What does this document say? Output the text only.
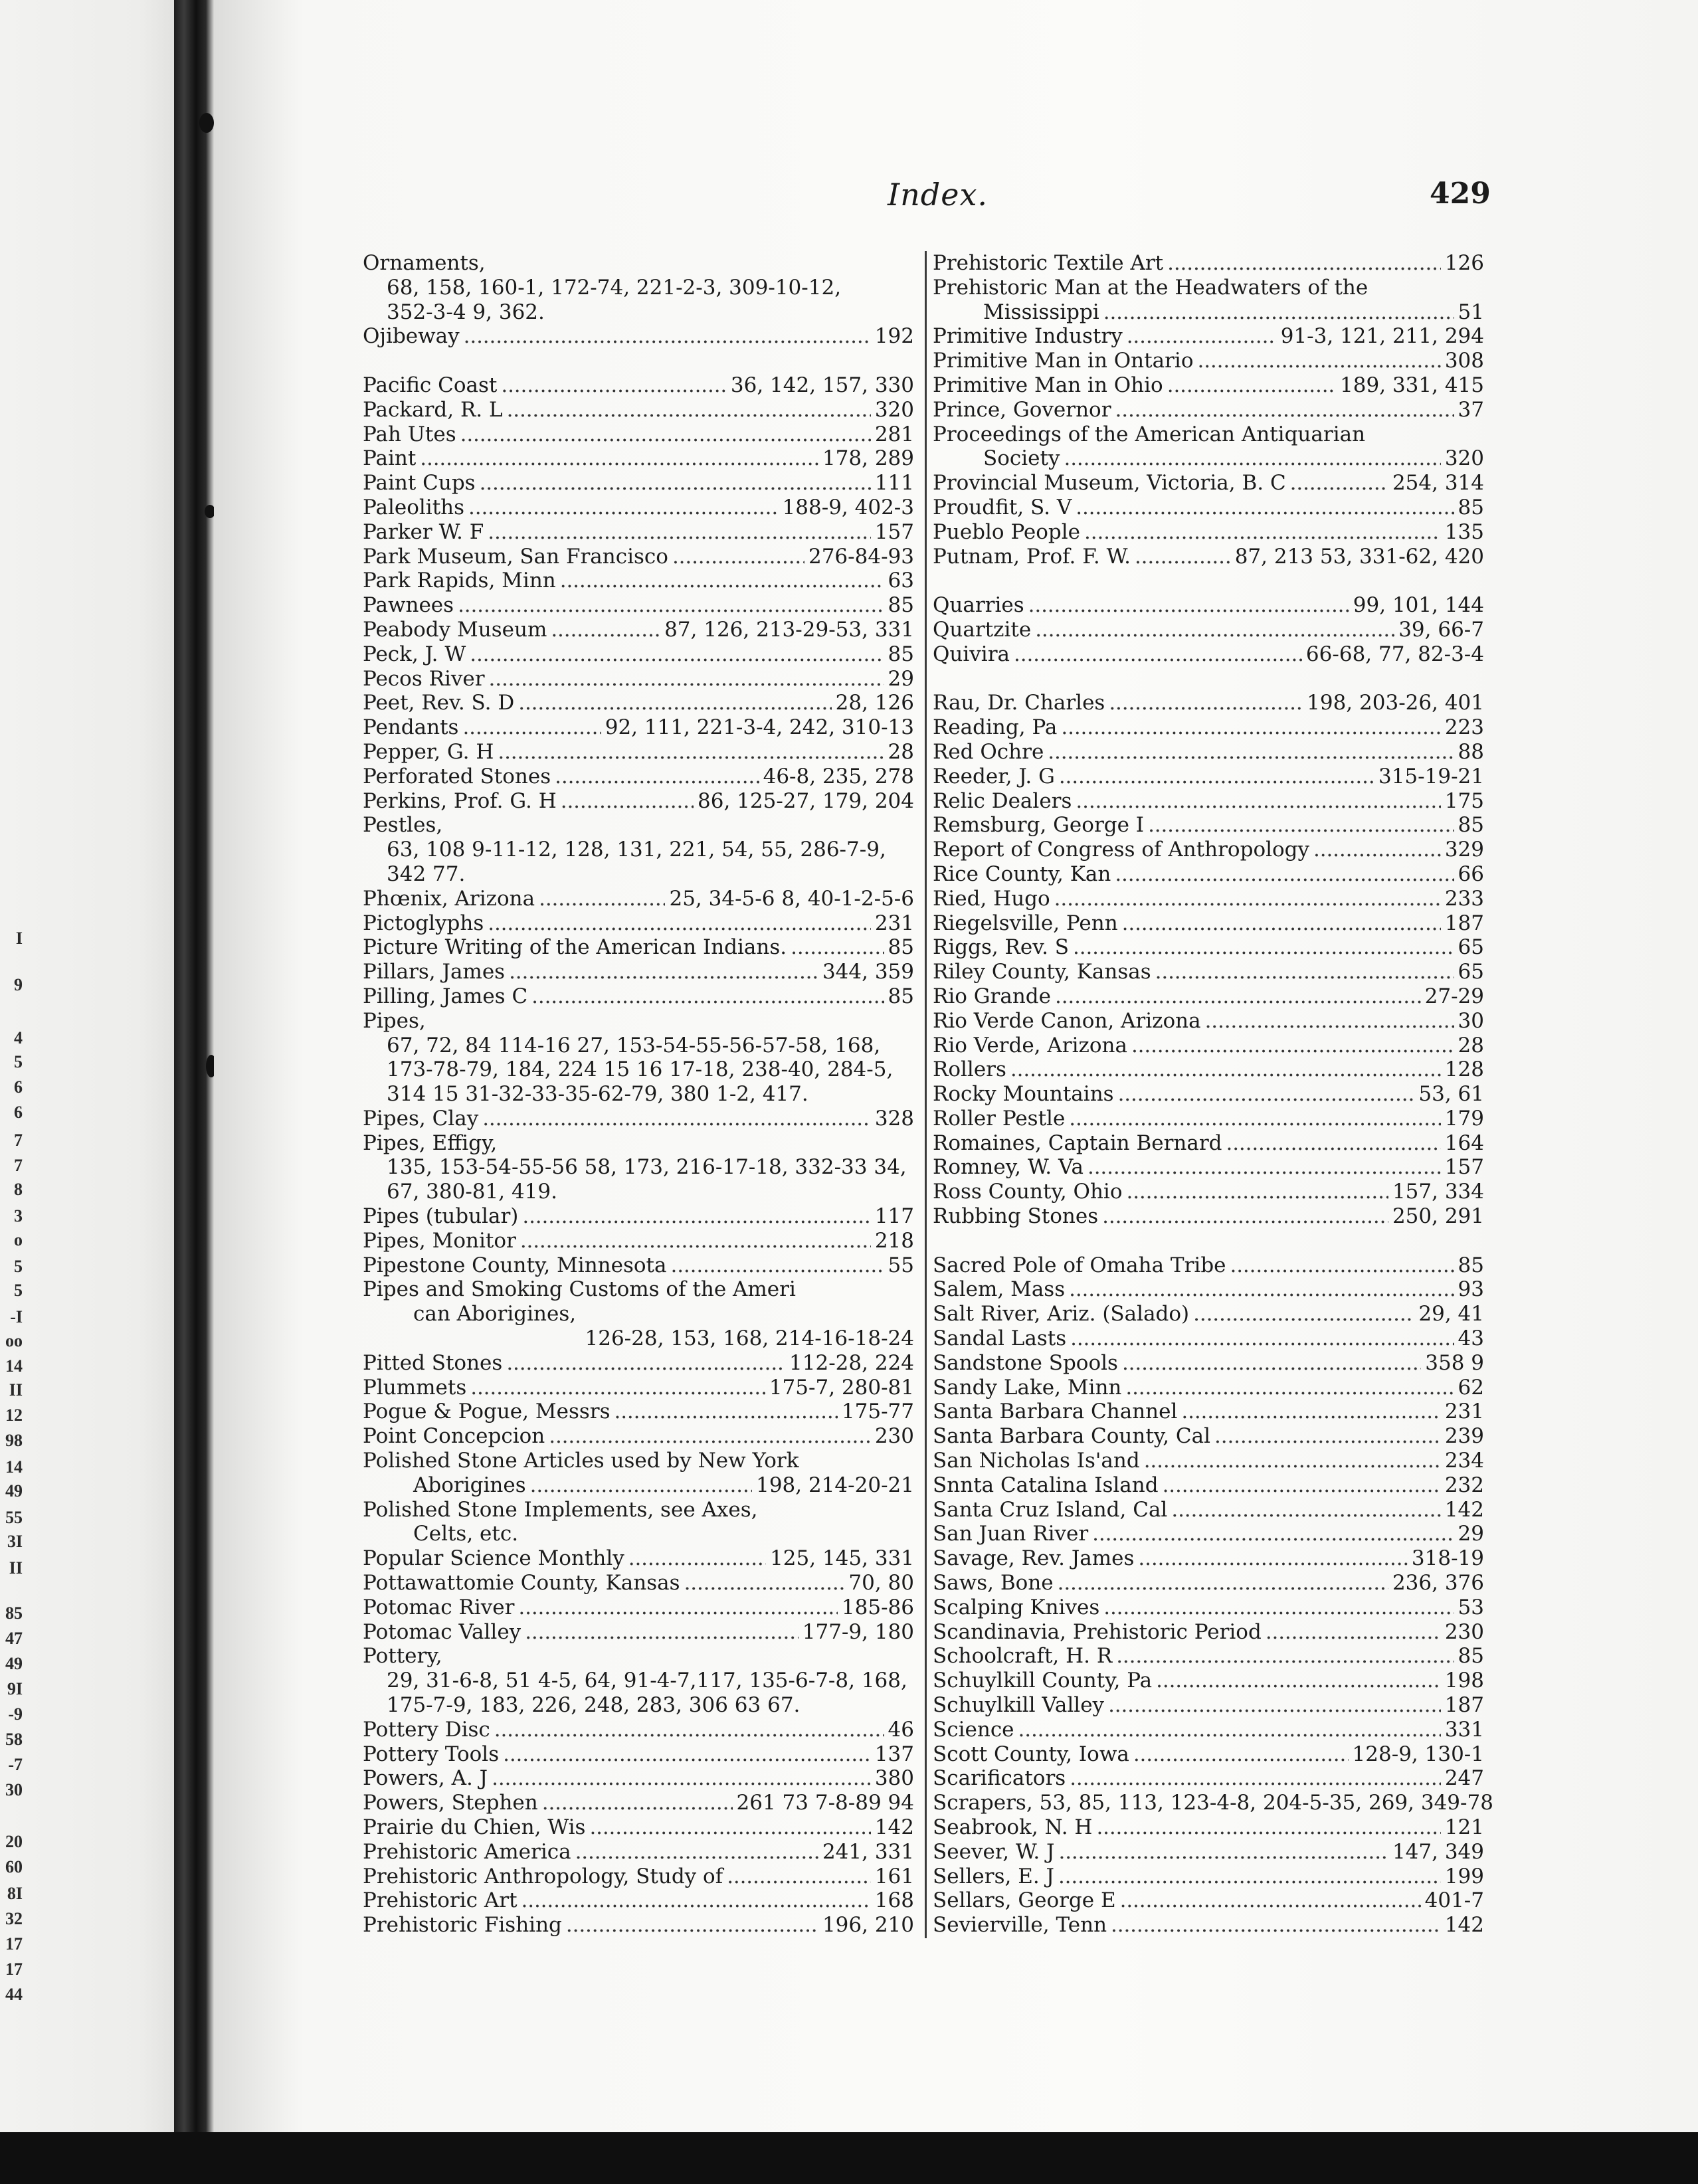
I
9
4
5
6
6
7
7
8
3
o
5
5
-I
oo
14
II
12
98
14
49
55
3I
II
85
47
49
9I
-9
58
-7
30
20
60
8I
32
17
17
44
Index.	429
Ornaments,
68, 158, 160-1, 172-74, 221-2-3, 309-10-12,
352-3-4 9, 362.
Ojibeway . . .	192
Pacific Coast . . .	36, 142, 157, 330
Packard, R. L . . .	320
Pah Utes . . .	281
Paint . . .	178, 289
Paint Cups . . .	111
Paleoliths . . .	188-9, 402-3
Parker W. F . . .	157
Park Museum, San Francisco . . .	276-84-93
Park Rapids, Minn . . .	63
Pawnees . . .	85
Peabody Museum . . .	87, 126, 213-29-53, 331
Peck, J. W . . .	85
Pecos River . . .	29
Peet, Rev. S. D . . .	28, 126
Pendants . . .	92, 111, 221-3-4, 242, 310-13
Pepper, G. H . . .	28
Perforated Stones . . .	46-8, 235, 278
Perkins, Prof. G. H . . .	86, 125-27, 179, 204
Pestles,
63, 108 9-11-12, 128, 131, 221, 54, 55, 286-7-9,
342 77.
Phœnix, Arizona . . .	25, 34-5-6 8, 40-1-2-5-6
Pictoglyphs . . .	231
Picture Writing of the American Indians. . . .	85
Pillars, James . . .	344, 359
Pilling, James C . . .	85
Pipes,
67, 72, 84 114-16 27, 153-54-55-56-57-58, 168,
173-78-79, 184, 224 15 16 17-18, 238-40, 284-5,
314 15 31-32-33-35-62-79, 380 1-2, 417.
Pipes, Clay . . .	328
Pipes, Effigy,
135, 153-54-55-56 58, 173, 216-17-18, 332-33 34,
67, 380-81, 419.
Pipes (tubular) . . .	117
Pipes, Monitor . . .	218
Pipestone County, Minnesota . . .	55
Pipes and Smoking Customs of the Ameri
can Aborigines,
126-28, 153, 168, 214-16-18-24
Pitted Stones . . .	112-28, 224
Plummets . . .	175-7, 280-81
Pogue & Pogue, Messrs . . .	175-77
Point Concepcion . . .	230
Polished Stone Articles used by New York
Aborigines . . .	198, 214-20-21
Polished Stone Implements, see Axes,
Celts, etc.
Popular Science Monthly . . .	125, 145, 331
Pottawattomie County, Kansas . . .	70, 80
Potomac River . . .	185-86
Potomac Valley . . .	177-9, 180
Pottery,
29, 31-6-8, 51 4-5, 64, 91-4-7,117, 135-6-7-8, 168,
175-7-9, 183, 226, 248, 283, 306 63 67.
Pottery Disc . . .	46
Pottery Tools . . .	137
Powers, A. J . . .	380
Powers, Stephen . . .	261 73 7-8-89 94
Prairie du Chien, Wis . . .	142
Prehistoric America . . .	241, 331
Prehistoric Anthropology, Study of . . .	161
Prehistoric Art . . .	168
Prehistoric Fishing . . .	196, 210
Prehistoric Textile Art . . .	126
Prehistoric Man at the Headwaters of the
Mississippi . . .	51
Primitive Industry . . .	91-3, 121, 211, 294
Primitive Man in Ontario . . .	308
Primitive Man in Ohio . . .	189, 331, 415
Prince, Governor . . .	37
Proceedings of the American Antiquarian
Society . . .	320
Provincial Museum, Victoria, B. C . . .	254, 314
Proudfit, S. V . . .	85
Pueblo People . . .	135
Putnam, Prof. F. W. . . .	87, 213 53, 331-62, 420
Quarries . . .	99, 101, 144
Quartzite . . .	39, 66-7
Quivira . . .	66-68, 77, 82-3-4
Rau, Dr. Charles . . .	198, 203-26, 401
Reading, Pa . . .	223
Red Ochre . . .	88
Reeder, J. G . . .	315-19-21
Relic Dealers . . .	175
Remsburg, George I . . .	85
Report of Congress of Anthropology . . .	329
Rice County, Kan . . .	66
Ried, Hugo . . .	233
Riegelsville, Penn . . .	187
Riggs, Rev. S . . .	65
Riley County, Kansas . . .	65
Rio Grande . . .	27-29
Rio Verde Canon, Arizona . . .	30
Rio Verde, Arizona . . .	28
Rollers . . .	128
Rocky Mountains . . .	53, 61
Roller Pestle . . .	179
Romaines, Captain Bernard . . .	164
Romney, W. Va . . .	157
Ross County, Ohio . . .	157, 334
Rubbing Stones . . .	250, 291
Sacred Pole of Omaha Tribe . . .	85
Salem, Mass . . .	93
Salt River, Ariz. (Salado) . . .	29, 41
Sandal Lasts . . .	43
Sandstone Spools . . .	358 9
Sandy Lake, Minn . . .	62
Santa Barbara Channel . . .	231
Santa Barbara County, Cal . . .	239
San Nicholas Is'and . . .	234
Snnta Catalina Island . . .	232
Santa Cruz Island, Cal . . .	142
San Juan River . . .	29
Savage, Rev. James . . .	318-19
Saws, Bone . . .	236, 376
Scalping Knives . . .	53
Scandinavia, Prehistoric Period . . .	230
Schoolcraft, H. R . . .	85
Schuylkill County, Pa . . .	198
Schuylkill Valley . . .	187
Science . . .	331
Scott County, Iowa . . .	128-9, 130-1
Scarificators . . .	247
Scrapers, 53, 85, 113, 123-4-8, 204-5-35, 269, 349-78
Seabrook, N. H . . .	121
Seever, W. J . . .	147, 349
Sellers, E. J . . .	199
Sellars, George E . . .	401-7
Sevierville, Tenn . . .	142
